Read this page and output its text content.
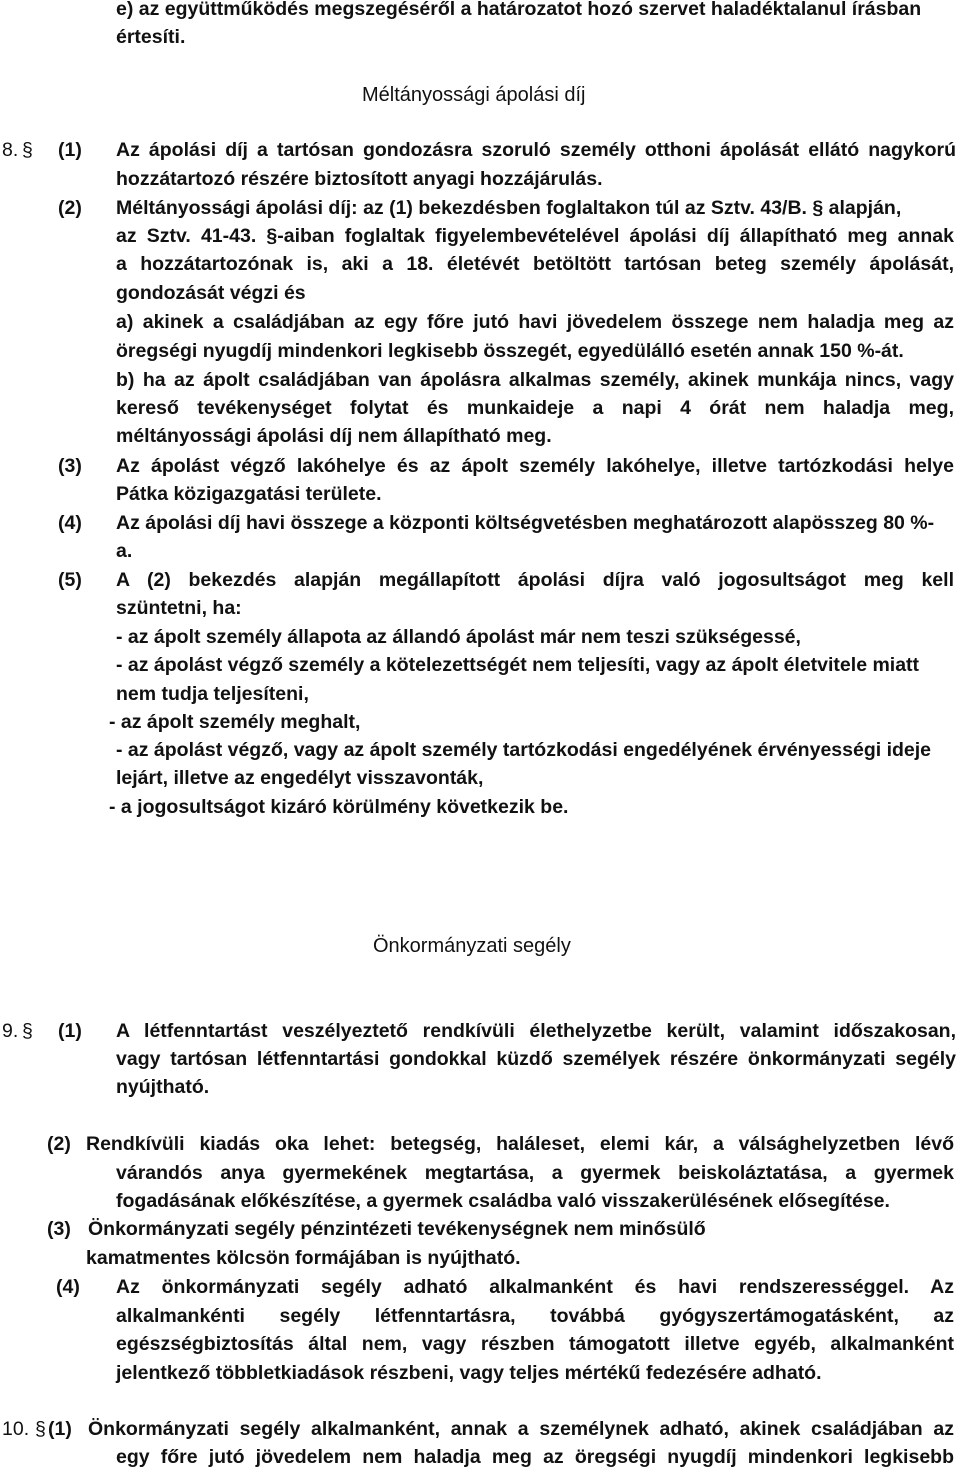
e) az együttműködés megszegéséről a határozatot hozó szervet haladéktalanul írásban
értesíti.
Méltányossági ápolási díj
8. § (1) Az ápolási díj a tartósan gondozásra szoruló személy otthoni ápolását ellátó nagykorú
hozzátartozó részére biztosított anyagi hozzájárulás.
(2) Méltányossági ápolási díj: az (1) bekezdésben foglaltakon túl az Sztv. 43/B. § alapján,
az Sztv. 41-43. §-aiban foglaltak figyelembevételével ápolási díj állapítható meg annak
a hozzátartozónak is, aki a 18. életévét betöltött tartósan beteg személy ápolását,
gondozását végzi és
a) akinek a családjában az egy főre jutó havi jövedelem összege nem haladja meg az
öregségi nyugdíj mindenkori legkisebb összegét, egyedülálló esetén annak 150 %-át.
b) ha az ápolt családjában van ápolásra alkalmas személy, akinek munkája nincs, vagy
kereső tevékenységet folytat és munkaideje a napi 4 órát nem haladja meg,
méltányossági ápolási díj nem állapítható meg.
(3) Az ápolást végző lakóhelye és az ápolt személy lakóhelye, illetve tartózkodási helye
Pátka közigazgatási területe.
(4) Az ápolási díj havi összege a központi költségvetésben meghatározott alapösszeg 80 %-
a.
(5) A (2) bekezdés alapján megállapított ápolási díjra való jogosultságot meg kell
szüntetni, ha:
- az ápolt személy állapota az állandó ápolást már nem teszi szükségessé,
- az ápolást végző személy a kötelezettségét nem teljesíti, vagy az ápolt életvitele miatt
nem tudja teljesíteni,
- az ápolt személy meghalt,
- az ápolást végző, vagy az ápolt személy tartózkodási engedélyének érvényességi ideje
lejárt, illetve az engedélyt visszavonták,
- a jogosultságot kizáró körülmény következik be.
Önkormányzati segély
9. § (1) A létfenntartást veszélyeztető rendkívüli élethelyzetbe került, valamint időszakosan,
vagy tartósan létfenntartási gondokkal küzdő személyek részére önkormányzati segély
nyújtható.
(2) Rendkívüli kiadás oka lehet: betegség, haláleset, elemi kár, a válsághelyzetben lévő
várandós anya gyermekének megtartása, a gyermek beiskoláztatása, a gyermek
fogadásának előkészítése, a gyermek családba való visszakerülésének elősegítése.
(3) Önkormányzati segély pénzintézeti tevékenységnek nem minősülő
kamatmentes kölcsön formájában is nyújtható.
(4) Az önkormányzati segély adható alkalmanként és havi rendszerességgel. Az
alkalmankénti segély létfenntartásra, továbbá gyógyszertámogatásként, az
egészségbiztosítás által nem, vagy részben támogatott illetve egyéb, alkalmanként
jelentkező többletkiadások részbeni, vagy teljes mértékű fedezésére adható.
10. § (1) Önkormányzati segély alkalmanként, annak a személynek adható, akinek családjában az
egy főre jutó jövedelem nem haladja meg az öregségi nyugdíj mindenkori legkisebb
